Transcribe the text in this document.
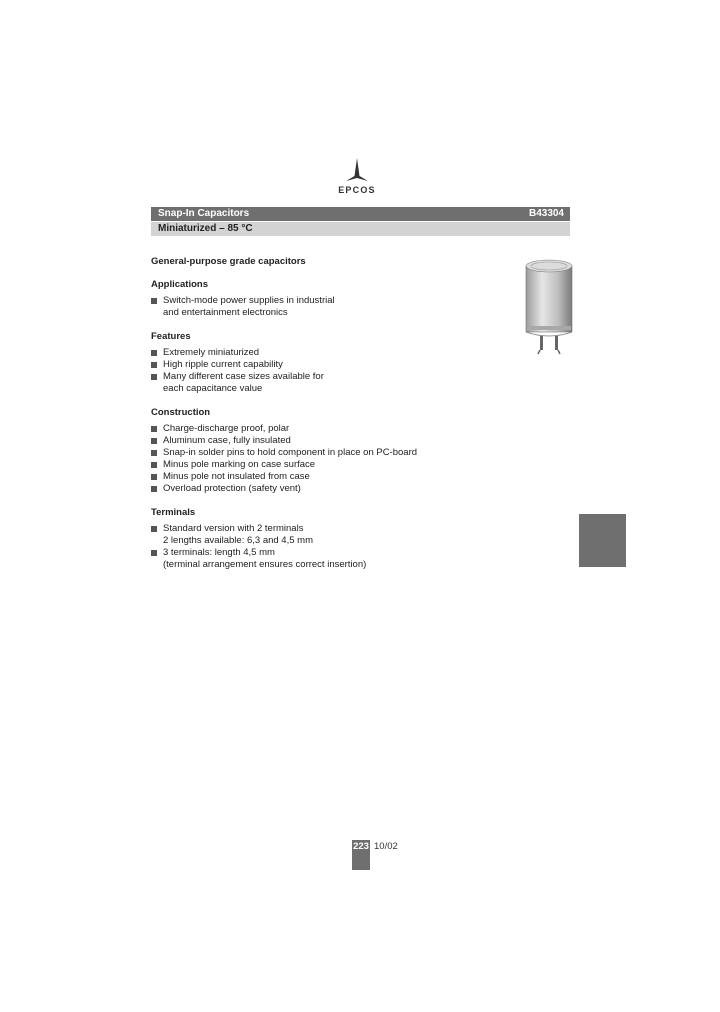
EPCOS
Snap-In Capacitors	B43304
Miniaturized – 85 °C
General-purpose grade capacitors
Applications
Switch-mode power supplies in industrial
and entertainment electronics
Features
Extremely miniaturized
High ripple current capability
Many different case sizes available for
each capacitance value
Construction
Charge-discharge proof, polar
Aluminum case, fully insulated
Snap-in solder pins to hold component in place on PC-board
Minus pole marking on case surface
Minus pole not insulated from case
Overload protection (safety vent)
Terminals
Standard version with 2 terminals
2 lengths available: 6,3 and 4,5 mm
3 terminals: length 4,5 mm
(terminal arrangement ensures correct insertion)
223 10/02
